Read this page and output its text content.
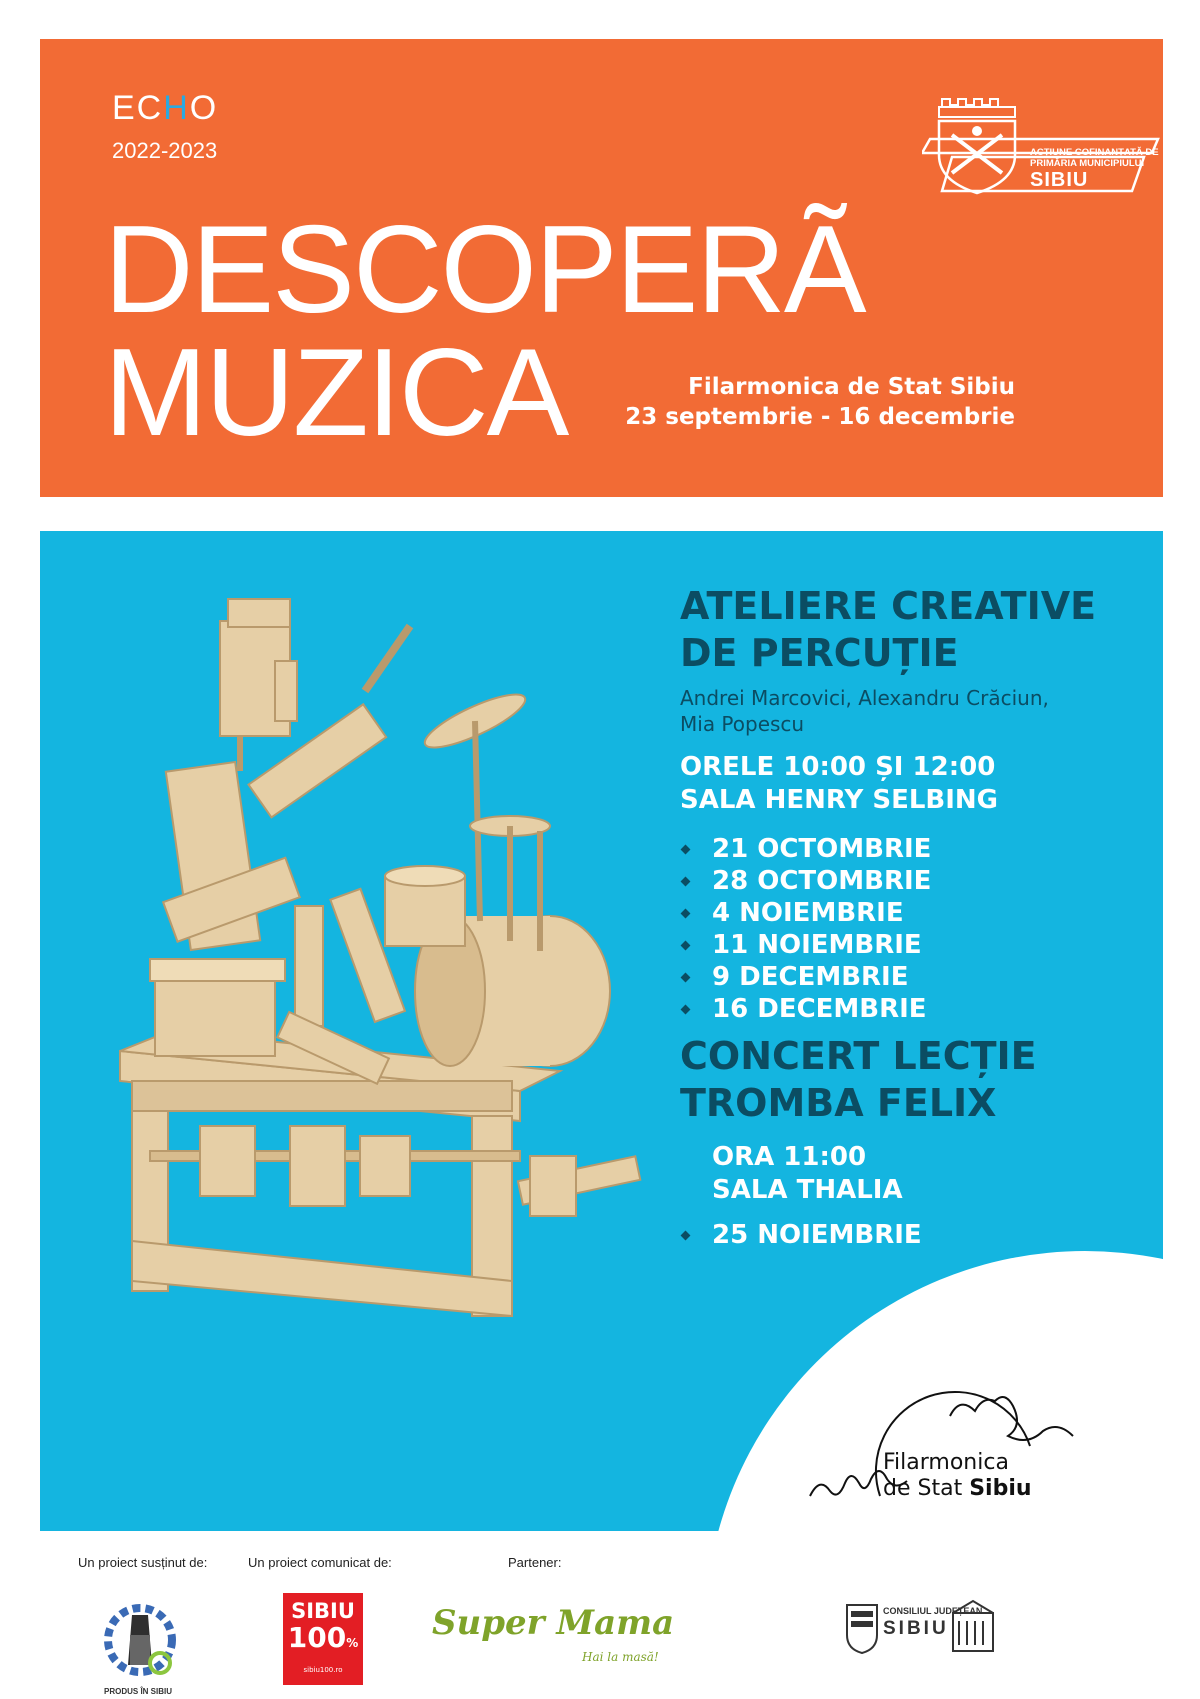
ECHO
2022-2023
DESCOPERÃ
MUZICA	Filarmonica de Stat Sibiu
23 septembrie - 16 decembrie
ACȚIUNE COFINANȚATĂ DE
PRIMĂRIA MUNICIPIULUI
SIBIU
ATELIERE CREATIVE
DE PERCUȚIE
Andrei Marcovici, Alexandru Crăciun,
Mia Popescu
ORELE 10:00 ȘI 12:00
SALA HENRY SELBING
21 OCTOMBRIE
28 OCTOMBRIE
4 NOIEMBRIE
11 NOIEMBRIE
9 DECEMBRIE
16 DECEMBRIE
CONCERT LECȚIE
TROMBA FELIX
ORA 11:00
SALA THALIA
25 NOIEMBRIE
Filarmonica
de Stat Sibiu
Un proiect susținut de:	Un proiect comunicat de:	Partener:
PRODUS ÎN SIBIU
SIBIU
100%
sibiu100.ro
Super Mama
Hai la masă!
CONSILIUL JUDEȚEAN
SIBIU
